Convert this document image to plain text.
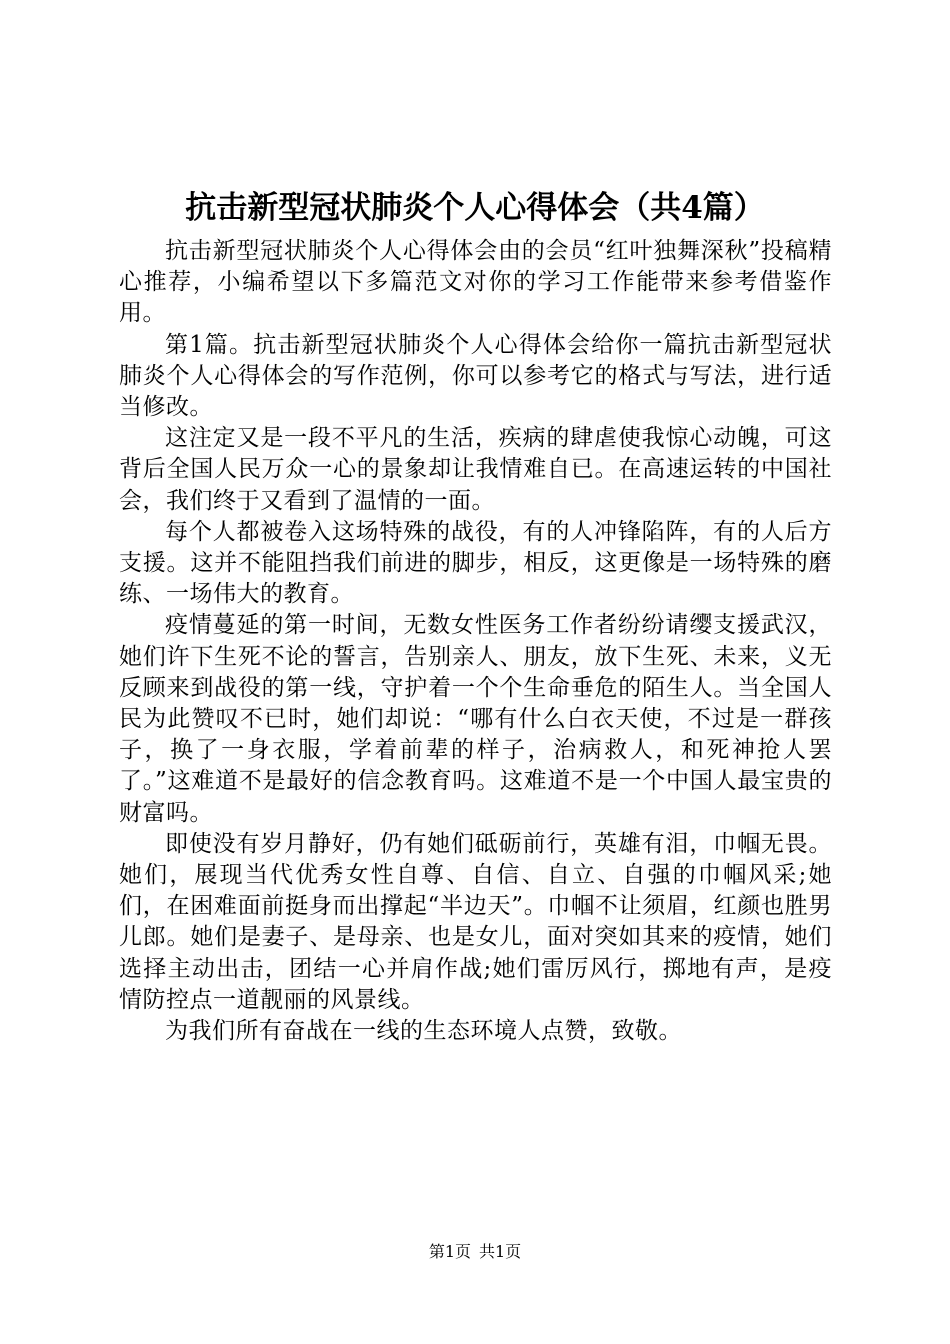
抗击新型冠状肺炎个人心得体会（共4篇）

抗击新型冠状肺炎个人心得体会由的会员“红叶独舞深秋”投稿精心推荐，小编希望以下多篇范文对你的学习工作能带来参考借鉴作用。

第1篇。抗击新型冠状肺炎个人心得体会给你一篇抗击新型冠状肺炎个人心得体会的写作范例，你可以参考它的格式与写法，进行适当修改。

这注定又是一段不平凡的生活，疾病的肆虐使我惊心动魄，可这背后全国人民万众一心的景象却让我情难自已。在高速运转的中国社会，我们终于又看到了温情的一面。

每个人都被卷入这场特殊的战役，有的人冲锋陷阵，有的人后方支援。这并不能阻挡我们前进的脚步，相反，这更像是一场特殊的磨练、一场伟大的教育。

疫情蔓延的第一时间，无数女性医务工作者纷纷请缨支援武汉，她们许下生死不论的誓言，告别亲人、朋友，放下生死、未来，义无反顾来到战役的第一线，守护着一个个生命垂危的陌生人。当全国人民为此赞叹不已时，她们却说：“哪有什么白衣天使，不过是一群孩子，换了一身衣服，学着前辈的样子，治病救人，和死神抢人罢了。”这难道不是最好的信念教育吗。这难道不是一个中国人最宝贵的财富吗。

即使没有岁月静好，仍有她们砥砺前行，英雄有泪，巾帼无畏。她们，展现当代优秀女性自尊、自信、自立、自强的巾帼风采;她们，在困难面前挺身而出撑起“半边天”。巾帼不让须眉，红颜也胜男儿郎。她们是妻子、是母亲、也是女儿，面对突如其来的疫情，她们选择主动出击，团结一心并肩作战;她们雷厉风行，掷地有声，是疫情防控点一道靓丽的风景线。

为我们所有奋战在一线的生态环境人点赞，致敬。

第1页 共1页
